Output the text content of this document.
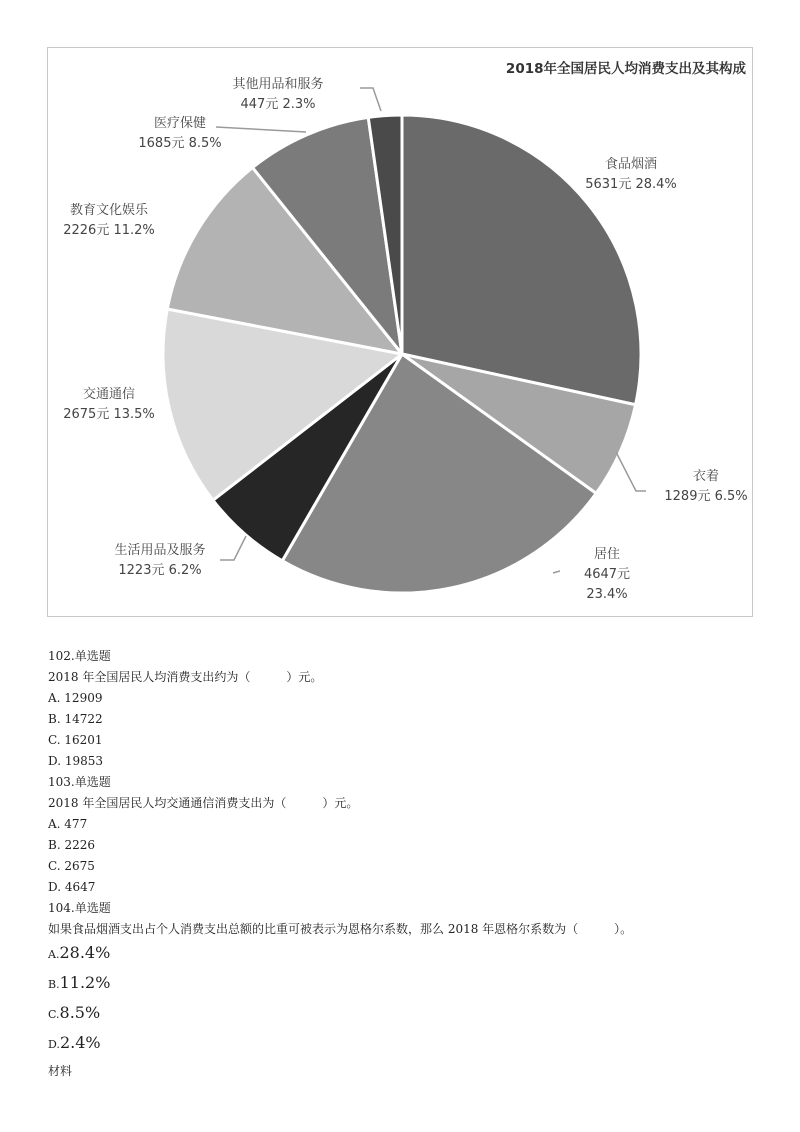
2018年全国居民人均消费支出及其构成
食品烟酒 5631元 28.4%
衣着 1289元 6.5%
居住 4647元 23.4%
生活用品及服务 1223元 6.2%
交通通信 2675元 13.5%
教育文化娱乐 2226元 11.2%
医疗保健 1685元 8.5%
其他用品和服务 447元 2.3%
102.单选题
2018 年全国居民人均消费支出约为（　　　）元。
A. 12909
B. 14722
C. 16201
D. 19853
103.单选题
2018 年全国居民人均交通通信消费支出为（　　　）元。
A. 477
B. 2226
C. 2675
D. 4647
104.单选题
如果食品烟酒支出占个人消费支出总额的比重可被表示为恩格尔系数，那么 2018 年恩格尔系数为（　　　）。
A.28.4%
B.11.2%
C.8.5%
D.2.4%
材料
